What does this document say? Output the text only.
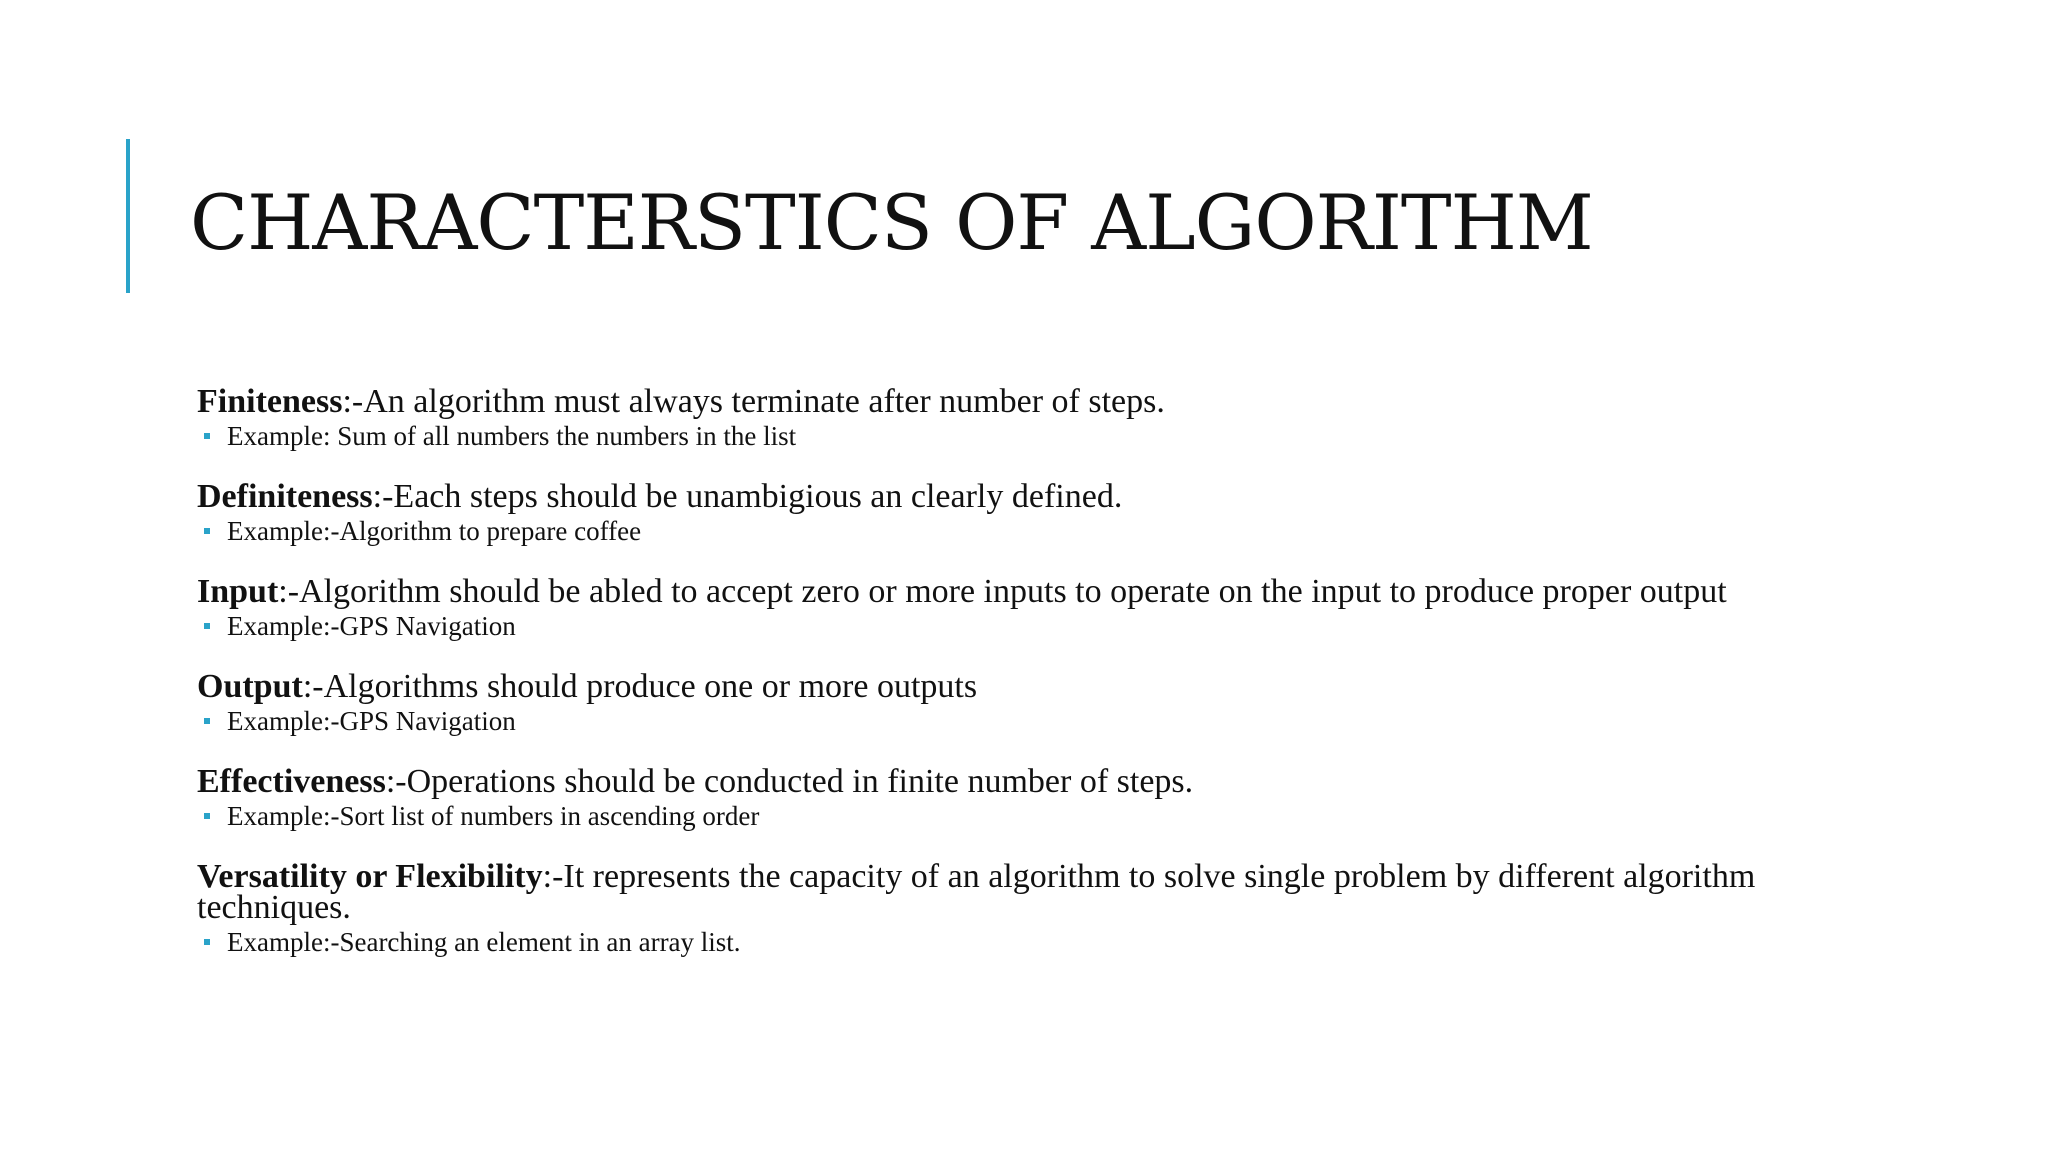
CHARACTERSTICS OF ALGORITHM

Finiteness:-An algorithm must always terminate after number of steps.

Example: Sum of all numbers the numbers in the list

Definiteness:-Each steps should be unambigious an clearly defined.

Example:-Algorithm to prepare coffee

Input:-Algorithm should be abled to accept zero or more inputs to operate on the input to produce proper output

Example:-GPS Navigation

Output:-Algorithms should produce one or more outputs

Example:-GPS Navigation

Effectiveness:-Operations should be conducted in finite number of steps.

Example:-Sort list of numbers in ascending order

Versatility or Flexibility:-It represents the capacity of an algorithm to solve single problem by different algorithm techniques.

Example:-Searching an element in an array list.
